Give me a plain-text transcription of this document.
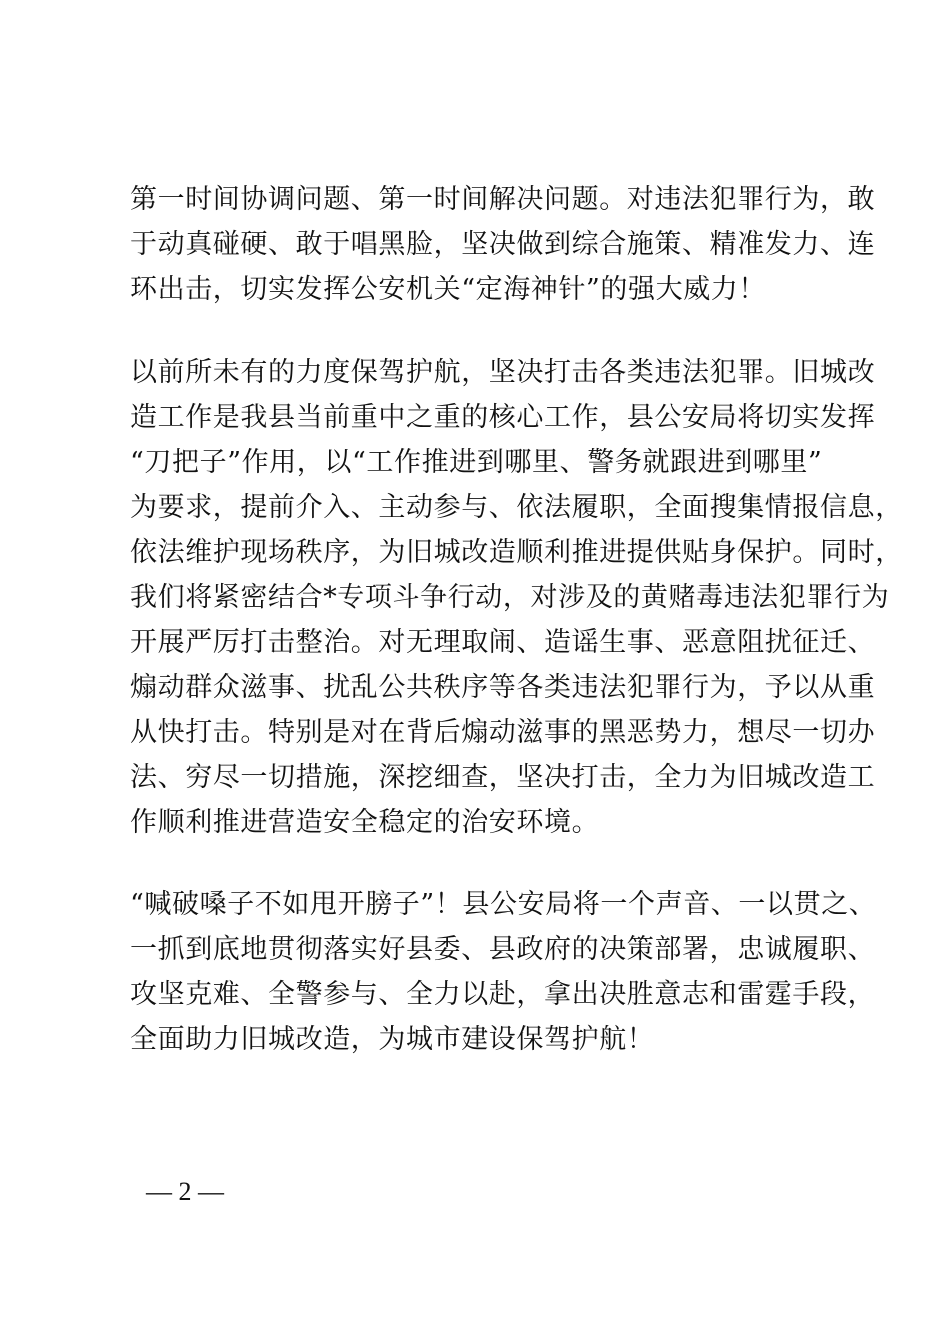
第一时间协调问题、第一时间解决问题。对违法犯罪行为，敢
于动真碰硬、敢于唱黑脸，坚决做到综合施策、精准发力、连
环出击，切实发挥公安机关“定海神针”的强大威力！
以前所未有的力度保驾护航，坚决打击各类违法犯罪。旧城改
造工作是我县当前重中之重的核心工作，县公安局将切实发挥
“刀把子”作用，以“工作推进到哪里、警务就跟进到哪里”
为要求，提前介入、主动参与、依法履职，全面搜集情报信息，
依法维护现场秩序，为旧城改造顺利推进提供贴身保护。同时，
我们将紧密结合*专项斗争行动，对涉及的黄赌毒违法犯罪行为
开展严厉打击整治。对无理取闹、造谣生事、恶意阻扰征迁、
煽动群众滋事、扰乱公共秩序等各类违法犯罪行为，予以从重
从快打击。特别是对在背后煽动滋事的黑恶势力，想尽一切办
法、穷尽一切措施，深挖细查，坚决打击，全力为旧城改造工
作顺利推进营造安全稳定的治安环境。
“喊破嗓子不如甩开膀子”！县公安局将一个声音、一以贯之、
一抓到底地贯彻落实好县委、县政府的决策部署，忠诚履职、
攻坚克难、全警参与、全力以赴，拿出决胜意志和雷霆手段，
全面助力旧城改造，为城市建设保驾护航！
— 2 —
